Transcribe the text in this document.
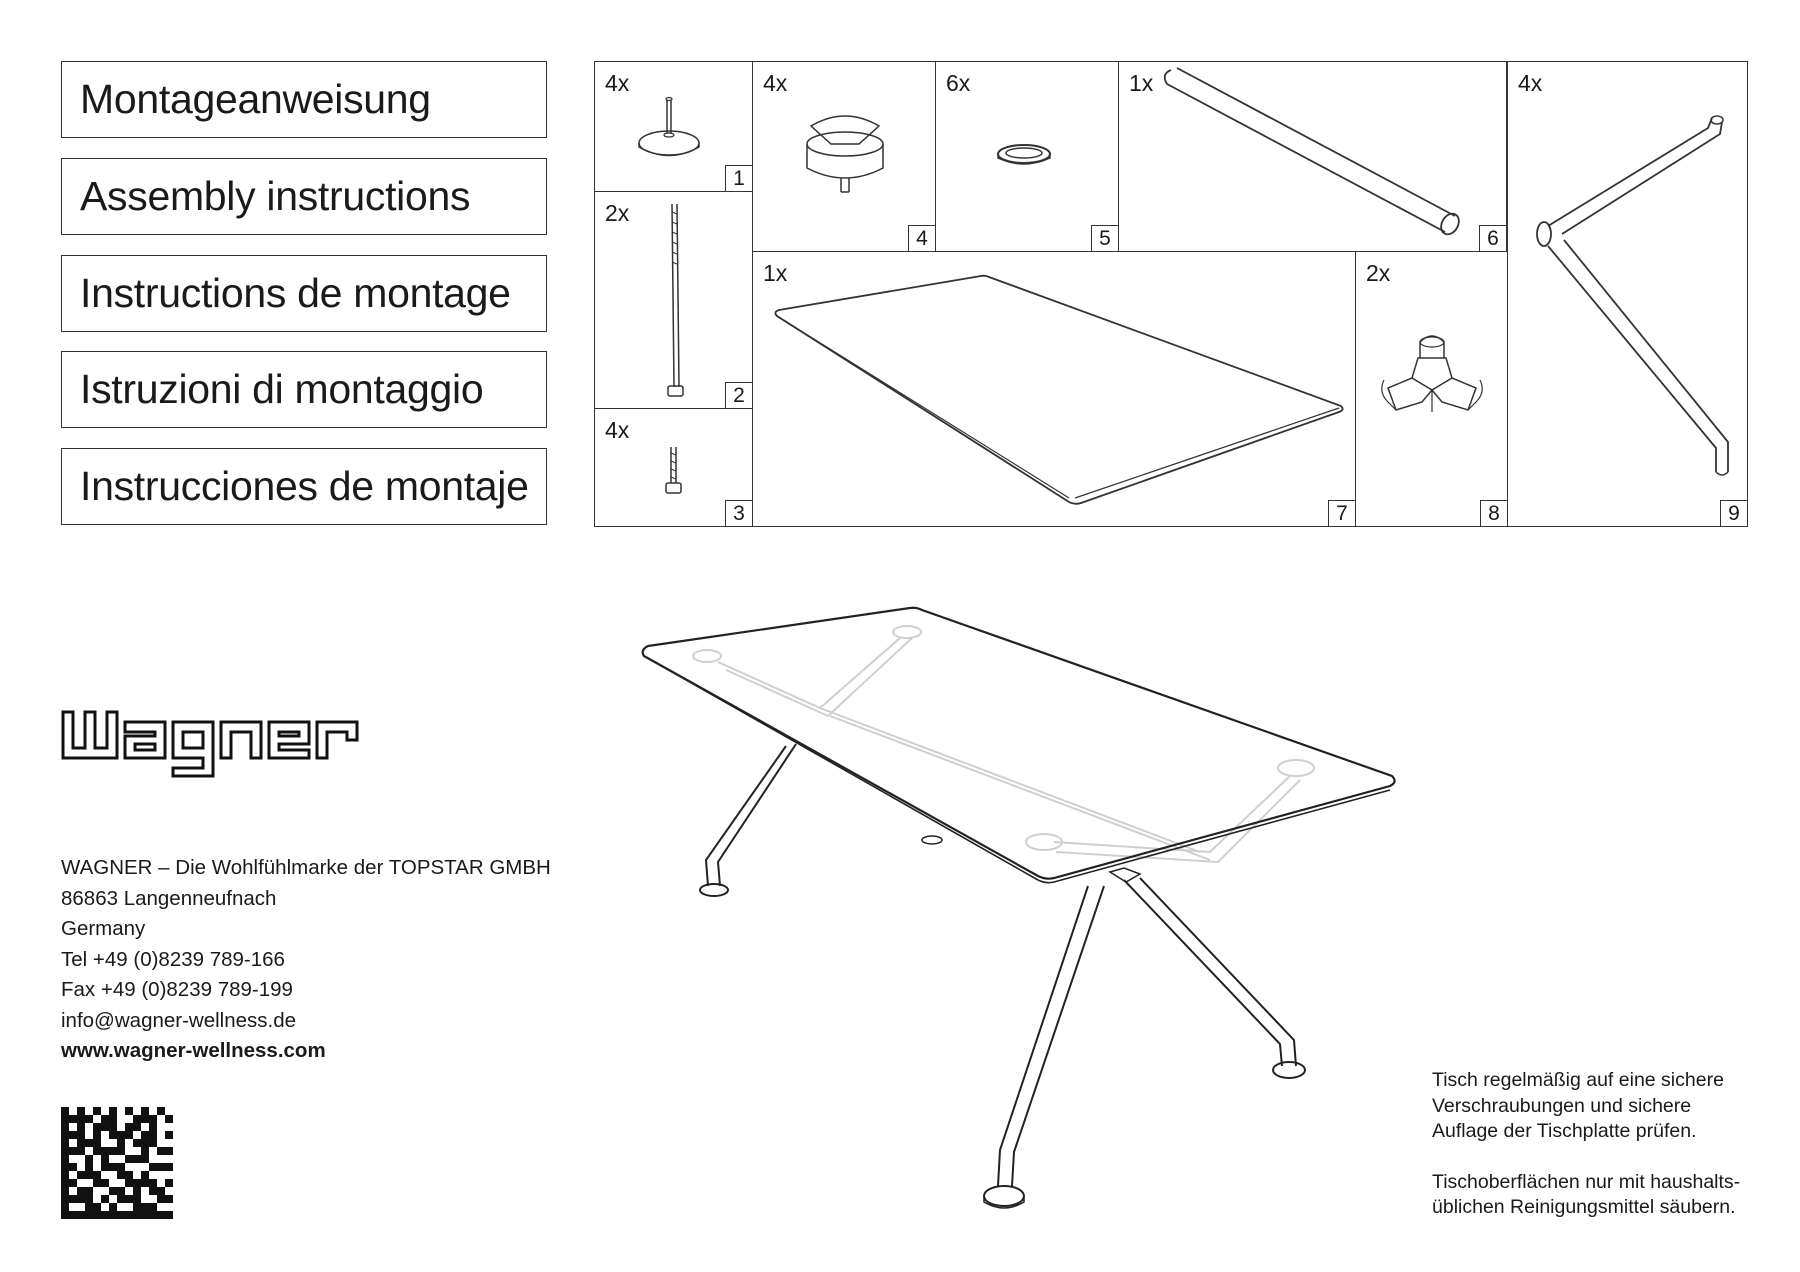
Montageanweisung
Assembly instructions
Instructions de montage
Istruzioni di montaggio
Instrucciones de montaje
4x
1
2x
2
4x
3
4x
4
6x
5
1x
6
1x
7
2x
8
4x
9
WAGNER – Die Wohlfühlmarke der TOPSTAR GMBH
86863 Langenneufnach
Germany
Tel +49 (0)8239 789-166
Fax +49 (0)8239 789-199
info@wagner-wellness.de
www.wagner-wellness.com

Tisch regelmäßig auf eine sichere
Verschraubungen und sichere
Auflage der Tischplatte prüfen.

Tischoberflächen nur mit haushalts-
üblichen Reinigungsmittel säubern.
